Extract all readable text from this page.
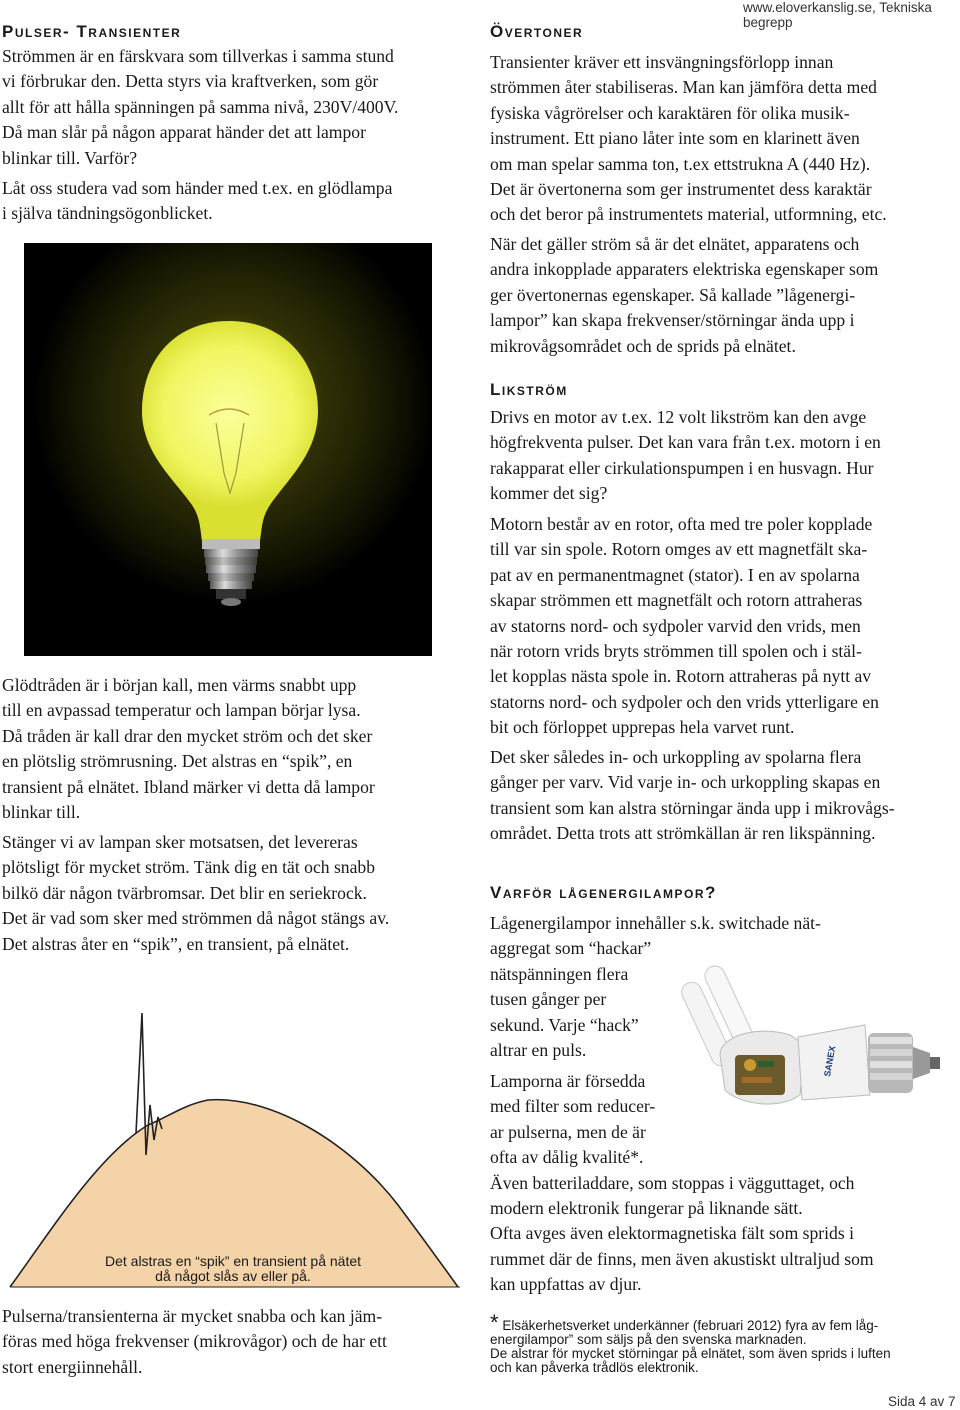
www.eloverkanslig.se, Tekniska begrepp
Pulser- Transienter
Strömmen är en färskvara som tillverkas i samma stund
vi förbrukar den. Detta styrs via kraftverken, som gör
allt för att hålla spänningen på samma nivå, 230V/400V.
Då man slår på någon apparat händer det att lampor
blinkar till. Varför?
Låt oss studera vad som händer med t.ex. en glödlampa
i själva tändningsögonblicket.
Glödtråden är i början kall, men värms snabbt upp
till en avpassad temperatur och lampan börjar lysa.
Då tråden är kall drar den mycket ström och det sker
en plötslig strömrusning. Det alstras en “spik”, en
transient på elnätet. Ibland märker vi detta då lampor
blinkar till.
Stänger vi av lampan sker motsatsen, det levereras
plötsligt för mycket ström. Tänk dig en tät och snabb
bilkö där någon tvärbromsar. Det blir en seriekrock.
Det är vad som sker med strömmen då något stängs av.
Det alstras åter en “spik”, en transient, på elnätet.
Det alstras en “spik” en transient på nätet
då något slås av eller på.
Pulserna/transienterna är mycket snabba och kan jäm-
föras med höga frekvenser (mikrovågor) och de har ett
stort energiinnehåll.
Övertoner
Transienter kräver ett insvängningsförlopp innan
strömmen åter stabiliseras. Man kan jämföra detta med
fysiska vågrörelser och karaktären för olika musik-
instrument. Ett piano låter inte som en klarinett även
om man spelar samma ton, t.ex ettstrukna A (440 Hz).
Det är övertonerna som ger instrumentet dess karaktär
och det beror på instrumentets material, utformning, etc.
När det gäller ström så är det elnätet, apparatens och
andra inkopplade apparaters elektriska egenskaper som
ger övertonernas egenskaper. Så kallade ”lågenergi-
lampor” kan skapa frekvenser/störningar ända upp i
mikrovågsområdet och de sprids på elnätet.
Likström
Drivs en motor av t.ex. 12 volt likström kan den avge
högfrekventa pulser. Det kan vara från t.ex. motorn i en
rakapparat eller cirkulationspumpen i en husvagn. Hur
kommer det sig?
Motorn består av en rotor, ofta med tre poler kopplade
till var sin spole. Rotorn omges av ett magnetfält ska-
pat av en permanentmagnet (stator). I en av spolarna
skapar strömmen ett magnetfält och rotorn attraheras
av statorns nord- och sydpoler varvid den vrids, men
när rotorn vrids bryts strömmen till spolen och i stäl-
let kopplas nästa spole in. Rotorn attraheras på nytt av
statorns nord- och sydpoler och den vrids ytterligare en
bit och förloppet upprepas hela varvet runt.
Det sker således in- och urkoppling av spolarna flera
gånger per varv. Vid varje in- och urkoppling skapas en
transient som kan alstra störningar ända upp i mikrovågs-
området. Detta trots att strömkällan är ren likspänning.
Varför lågenergilampor?
Lågenergilampor innehåller s.k. switchade nät-
aggregat som “hackar”
nätspänningen flera
tusen gånger per
sekund. Varje “hack”
altrar en puls.	SANEX
Lamporna är försedda
med filter som reducer-
ar pulserna, men de är
ofta av dålig kvalité*.
Även batteriladdare, som stoppas i vägguttaget, och
modern elektronik fungerar på liknande sätt.
Ofta avges även elektormagnetiska fält som sprids i
rummet där de finns, men även akustiskt ultraljud som
kan uppfattas av djur.
* Elsäkerhetsverket underkänner (februari 2012) fyra av fem låg-
energilampor” som säljs på den svenska marknaden.
De alstrar för mycket störningar på elnätet, som även sprids i luften
och kan påverka trådlös elektronik.
Sida 4 av 7
